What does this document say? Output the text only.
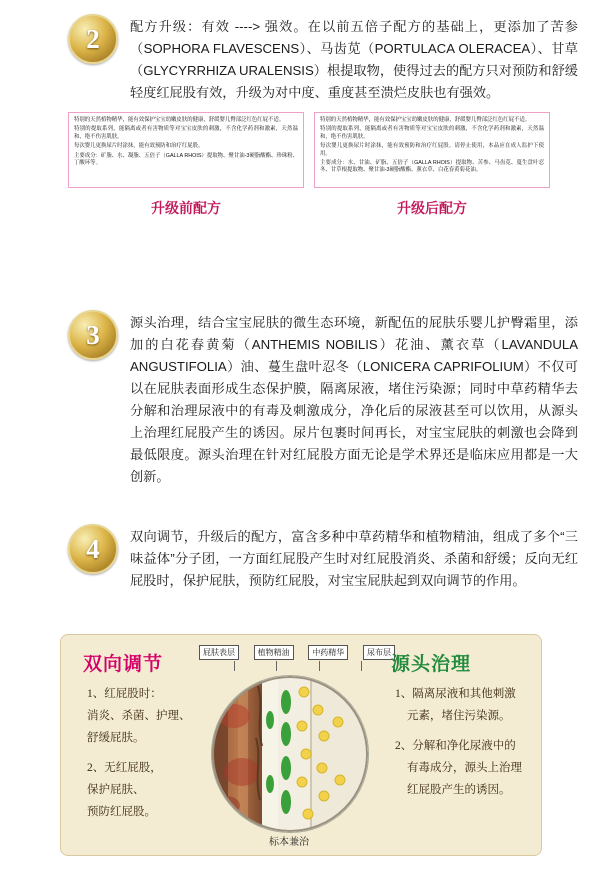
2	配方升级：有效 ----> 强效。在以前五倍子配方的基础上，更添加了苦参（SOPHORA FLAVESCENS）、马齿苋（PORTULACA OLERACEA）、甘草（GLYCYRRHIZA URALENSIS）根提取物，使得过去的配方只对预防和舒缓轻度红屁股有效，升级为对中度、重度甚至溃烂皮肤也有强效。

特别的天然植物精华，能有效保护宝宝幼嫩皮肤的健康，舒缓婴儿臀部泛红色红屁不适。

特别的提取系列，能隔离或者有害物质等对宝宝皮肤的刺激，不含化学药剂和激素，天然温和，绝不伤害肌肤。

每次婴儿更换尿片时涂抹，能有效预防和治疗红屁股。

主要成分：矿脂、水、凝脂、五倍子（GALLA RHOIS）提取物、聚甘油-3硬脂酸酯、珍珠粉、丁酸环等。

特别的天然植物精华，能有效保护宝宝幼嫩皮肤的健康，舒缓婴儿臀部泛红色红屁不适。

特别的提取系列，能隔离或者有害物质等对宝宝皮肤的刺激，不含化学药剂和激素，天然温和，绝不伤害肌肤。

每次婴儿更换尿片时涂抹，能有效预防和治疗红屁股。请停止使用，本品应在成人监护下使用。

主要成分：水、甘油、矿脂、五倍子（GALLA RHOIS）提取物、苦参、马齿苋、蔓生盘叶忍冬、甘草根提取物、聚甘油-3硬脂酸酯、薰衣草、白花春黄菊花油。

升级前配方	升级后配方
3	源头治理，结合宝宝屁肤的微生态环境，新配伍的屁肤乐婴儿护臀霜里，添加的白花春黄菊（ANTHEMIS NOBILIS）花油、薰衣草（LAVANDULA ANGUSTIFOLIA）油、蔓生盘叶忍冬（LONICERA CAPRIFOLIUM）不仅可以在屁肤表面形成生态保护膜，隔离尿液，堵住污染源；同时中草药精华去分解和治理尿液中的有毒及刺激成分，净化后的尿液甚至可以饮用，从源头上治理红屁股产生的诱因。尿片包裹时间再长，对宝宝屁肤的刺激也会降到最低限度。源头治理在针对红屁股方面无论是学术界还是临床应用都是一大创新。
4	双向调节，升级后的配方，富含多种中草药精华和植物精油，组成了多个“三味益体”分子团，一方面红屁股产生时对红屁股消炎、杀菌和舒缓；反向无红屁股时，保护屁肤，预防红屁股，对宝宝屁肤起到双向调节的作用。
双向调节
1、红屁股时：
消炎、杀菌、护理、
舒缓屁肤。
2、无红屁股，
保护屁肤、
预防红屁股。
屁肤表层	植物精油	中药精华	尿布层
标本兼治
源头治理
1、隔离尿液和其他刺激
元素，堵住污染源。
2、分解和净化尿液中的
有毒成分，源头上治理
红屁股产生的诱因。
